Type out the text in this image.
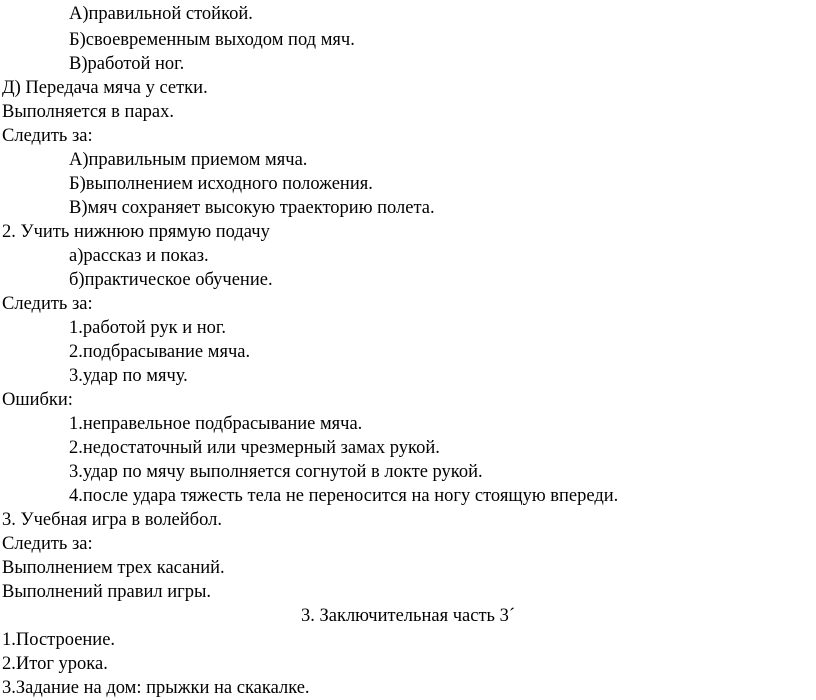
А)правильной стойкой.
Б)своевременным выходом под мяч.
В)работой ног.
Д) Передача мяча у сетки.
Выполняется в парах.
Следить за:
А)правильным приемом мяча.
Б)выполнением исходного положения.
В)мяч сохраняет высокую траекторию полета.
2. Учить нижнюю прямую подачу
а)рассказ и показ.
б)практическое обучение.
Следить за:
1.работой рук и ног.
2.подбрасывание мяча.
3.удар по мячу.
Ошибки:
1.неправельное подбрасывание мяча.
2.недостаточный или чрезмерный замах рукой.
3.удар по мячу выполняется согнутой в локте рукой.
4.после удара тяжесть тела не переносится на ногу стоящую впереди.
3. Учебная игра в волейбол.
Следить за:
Выполнением трех касаний.
Выполнений правил игры.
3. Заключительная часть 3´
1.Построение.
2.Итог урока.
3.Задание на дом: прыжки на скакалке.
